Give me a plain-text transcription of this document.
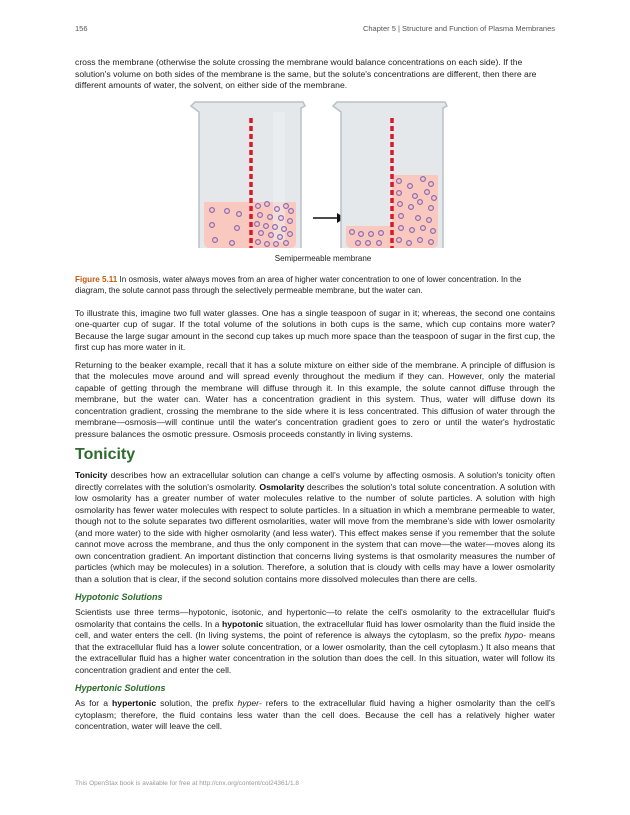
156	Chapter 5 | Structure and Function of Plasma Membranes

cross the membrane (otherwise the solute crossing the membrane would balance concentrations on each side). If the solution's volume on both sides of the membrane is the same, but the solute's concentrations are different, then there are different amounts of water, the solvent, on either side of the membrane.

Semipermeable membrane

Figure 5.11 In osmosis, water always moves from an area of higher water concentration to one of lower concentration. In the diagram, the solute cannot pass through the selectively permeable membrane, but the water can.

To illustrate this, imagine two full water glasses. One has a single teaspoon of sugar in it; whereas, the second one contains one-quarter cup of sugar. If the total volume of the solutions in both cups is the same, which cup contains more water? Because the large sugar amount in the second cup takes up much more space than the teaspoon of sugar in the first cup, the first cup has more water in it.

Returning to the beaker example, recall that it has a solute mixture on either side of the membrane. A principle of diffusion is that the molecules move around and will spread evenly throughout the medium if they can. However, only the material capable of getting through the membrane will diffuse through it. In this example, the solute cannot diffuse through the membrane, but the water can. Water has a concentration gradient in this system. Thus, water will diffuse down its concentration gradient, crossing the membrane to the side where it is less concentrated. This diffusion of water through the membrane—osmosis—will continue until the water's concentration gradient goes to zero or until the water's hydrostatic pressure balances the osmotic pressure. Osmosis proceeds constantly in living systems.

Tonicity

Tonicity describes how an extracellular solution can change a cell's volume by affecting osmosis. A solution's tonicity often directly correlates with the solution's osmolarity. Osmolarity describes the solution's total solute concentration. A solution with low osmolarity has a greater number of water molecules relative to the number of solute particles. A solution with high osmolarity has fewer water molecules with respect to solute particles. In a situation in which a membrane permeable to water, though not to the solute separates two different osmolarities, water will move from the membrane's side with lower osmolarity (and more water) to the side with higher osmolarity (and less water). This effect makes sense if you remember that the solute cannot move across the membrane, and thus the only component in the system that can move—the water—moves along its own concentration gradient. An important distinction that concerns living systems is that osmolarity measures the number of particles (which may be molecules) in a solution. Therefore, a solution that is cloudy with cells may have a lower osmolarity than a solution that is clear, if the second solution contains more dissolved molecules than there are cells.

Hypotonic Solutions

Scientists use three terms—hypotonic, isotonic, and hypertonic—to relate the cell's osmolarity to the extracellular fluid's osmolarity that contains the cells. In a hypotonic situation, the extracellular fluid has lower osmolarity than the fluid inside the cell, and water enters the cell. (In living systems, the point of reference is always the cytoplasm, so the prefix hypo- means that the extracellular fluid has a lower solute concentration, or a lower osmolarity, than the cell cytoplasm.) It also means that the extracellular fluid has a higher water concentration in the solution than does the cell. In this situation, water will follow its concentration gradient and enter the cell.

Hypertonic Solutions

As for a hypertonic solution, the prefix hyper- refers to the extracellular fluid having a higher osmolarity than the cell’s cytoplasm; therefore, the fluid contains less water than the cell does. Because the cell has a relatively higher water concentration, water will leave the cell.

This OpenStax book is available for free at http://cnx.org/content/col24361/1.8
